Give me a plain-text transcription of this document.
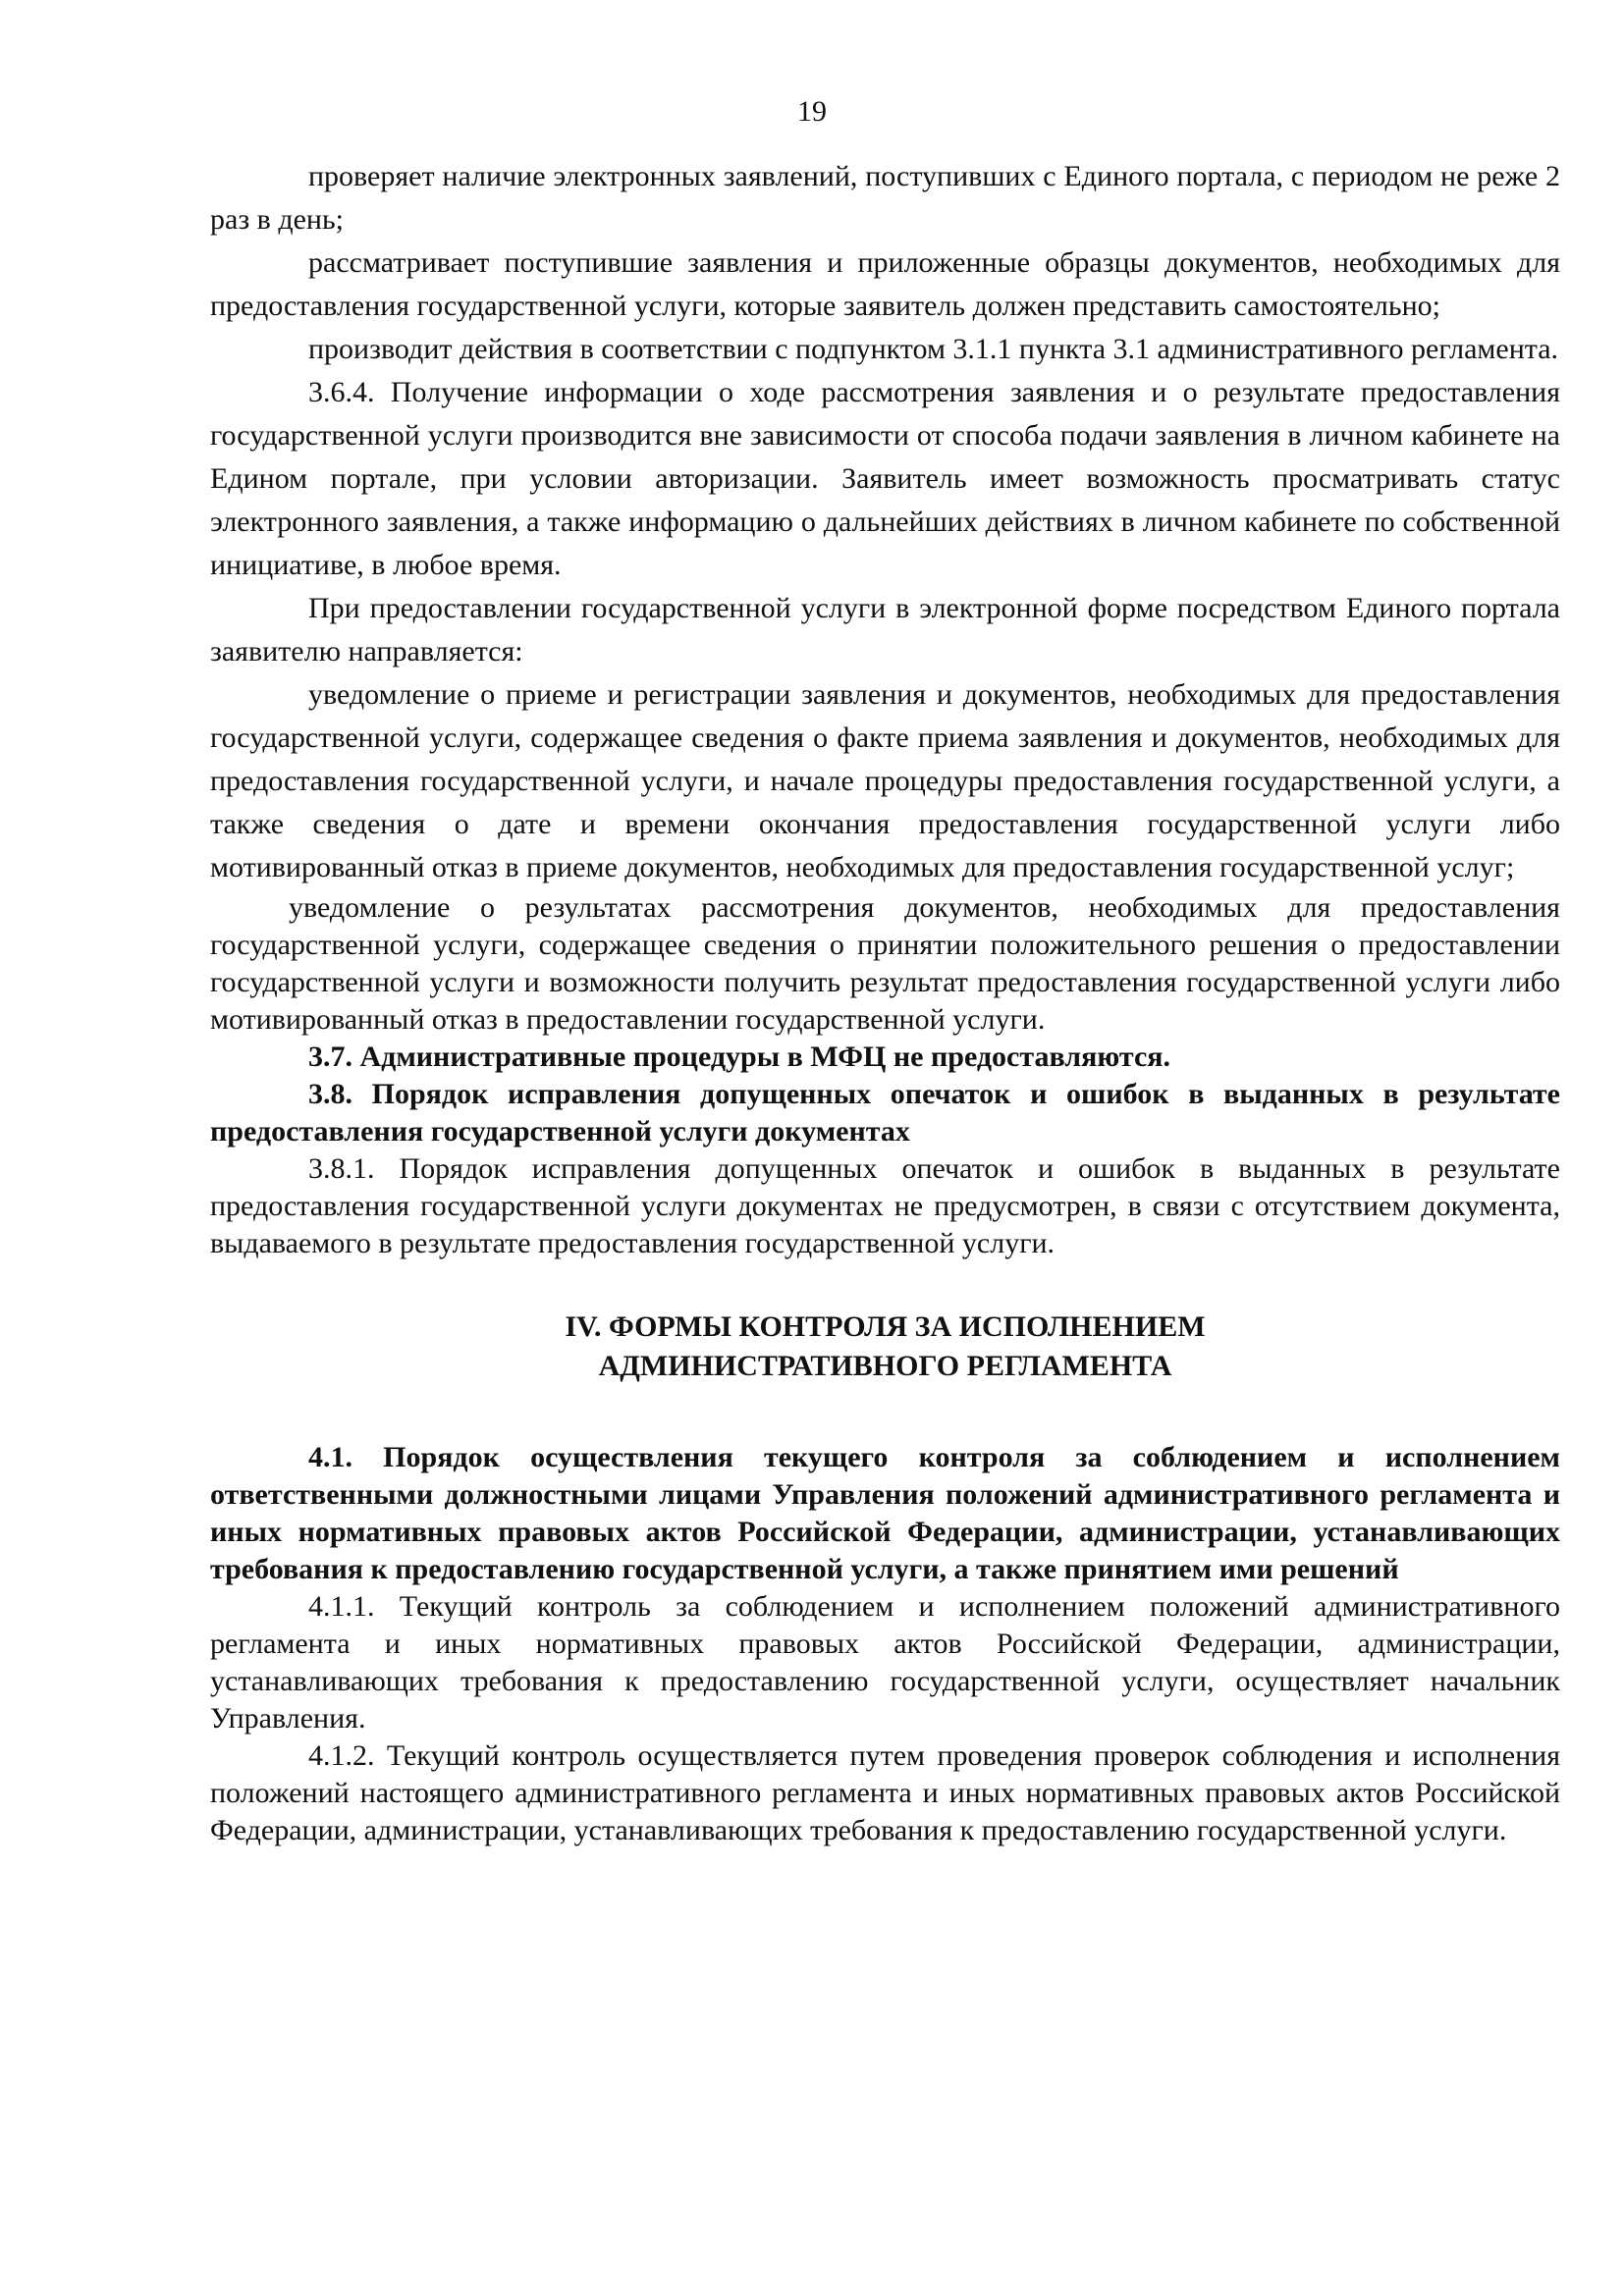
19

проверяет наличие электронных заявлений, поступивших с Единого портала, с периодом не реже 2 раз в день;

рассматривает поступившие заявления и приложенные образцы документов, необходимых для предоставления государственной услуги, которые заявитель должен представить самостоятельно;

производит действия в соответствии с подпунктом 3.1.1 пункта 3.1 административного регламента.

3.6.4. Получение информации о ходе рассмотрения заявления и о результате предоставления государственной услуги производится вне зависимости от способа подачи заявления в личном кабинете на Едином портале, при условии авторизации. Заявитель имеет возможность просматривать статус электронного заявления, а также информацию о дальнейших действиях в личном кабинете по собственной инициативе, в любое время.

При предоставлении государственной услуги в электронной форме посредством Единого портала заявителю направляется:

уведомление о приеме и регистрации заявления и документов, необходимых для предоставления государственной услуги, содержащее сведения о факте приема заявления и документов, необходимых для предоставления государственной услуги, и начале процедуры предоставления государственной услуги, а также сведения о дате и времени окончания предоставления государственной услуги либо мотивированный отказ в приеме документов, необходимых для предоставления государственной услуг;

уведомление о результатах рассмотрения документов, необходимых для предоставления государственной услуги, содержащее сведения о принятии положительного решения о предоставлении государственной услуги и возможности получить результат предоставления государственной услуги либо мотивированный отказ в предоставлении государственной услуги.

3.7. Административные процедуры в МФЦ не предоставляются.

3.8. Порядок исправления допущенных опечаток и ошибок в выданных в результате предоставления государственной услуги документах

3.8.1. Порядок исправления допущенных опечаток и ошибок в выданных в результате предоставления государственной услуги документах не предусмотрен, в связи с отсутствием документа, выдаваемого в результате предоставления государственной услуги.

IV. ФОРМЫ КОНТРОЛЯ ЗА ИСПОЛНЕНИЕМ
АДМИНИСТРАТИВНОГО РЕГЛАМЕНТА

4.1. Порядок осуществления текущего контроля за соблюдением и исполнением ответственными должностными лицами Управления положений административного регламента и иных нормативных правовых актов Российской Федерации, администрации, устанавливающих требования к предоставлению государственной услуги, а также принятием ими решений

4.1.1. Текущий контроль за соблюдением и исполнением положений административного регламента и иных нормативных правовых актов Российской Федерации, администрации, устанавливающих требования к предоставлению государственной услуги, осуществляет начальник Управления.

4.1.2. Текущий контроль осуществляется путем проведения проверок соблюдения и исполнения положений настоящего административного регламента и иных нормативных правовых актов Российской Федерации, администрации, устанавливающих требования к предоставлению государственной услуги.
